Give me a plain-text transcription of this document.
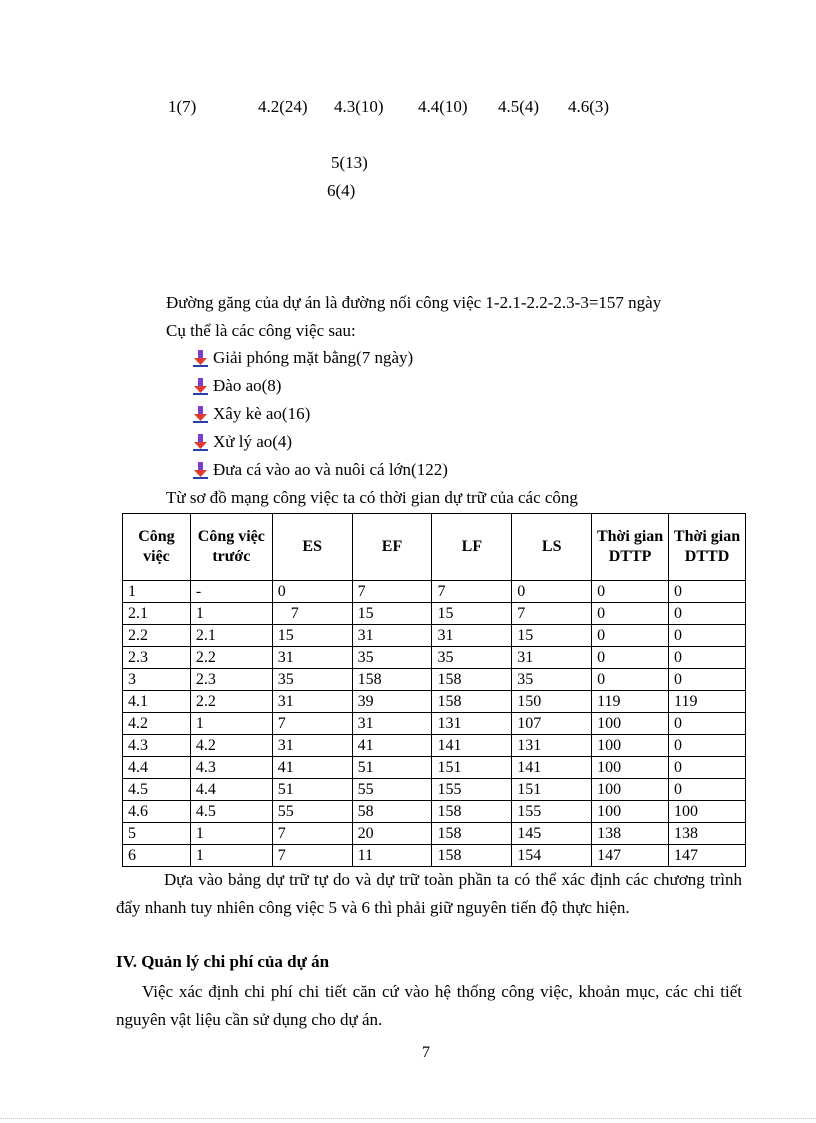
1(7)	4.2(24) 4.3(10) 4.4(10) 4.5(4) 4.6(3)
5(13)
6(4)
Đường găng của dự án là đường nối công việc 1-2.1-2.2-2.3-3=157 ngày
Cụ thể là các công việc sau:
Giải phóng mặt bằng(7 ngày)
Đào ao(8)
Xây kè ao(16)
Xử lý ao(4)
Đưa cá vào ao và nuôi cá lớn(122)
Từ sơ đồ mạng công việc ta có thời gian dự trữ của các công
Công việc	Công việc trước	ES	EF	LF	LS	Thời gian DTTP	Thời gian DTTD
1	-	0	7	7	0	0	0
2.1	1	7	15	15	7	0	0
2.2	2.1	15	31	31	15	0	0
2.3	2.2	31	35	35	31	0	0
3	2.3	35	158	158	35	0	0
4.1	2.2	31	39	158	150	119	119
4.2	1	7	31	131	107	100	0
4.3	4.2	31	41	141	131	100	0
4.4	4.3	41	51	151	141	100	0
4.5	4.4	51	55	155	151	100	0
4.6	4.5	55	58	158	155	100	100
5	1	7	20	158	145	138	138
6	1	7	11	158	154	147	147
Dựa vào bảng dự trữ tự do và dự trữ toàn phần ta có thể xác định các chương trình đẩy nhanh tuy nhiên công việc 5 và 6 thì phải giữ nguyên tiến độ thực hiện.
IV. Quản lý chi phí của dự án
Việc xác định chi phí chi tiết căn cứ vào hệ thống công việc, khoản mục, các chi tiết nguyên vật liệu cần sử dụng cho dự án.
7
